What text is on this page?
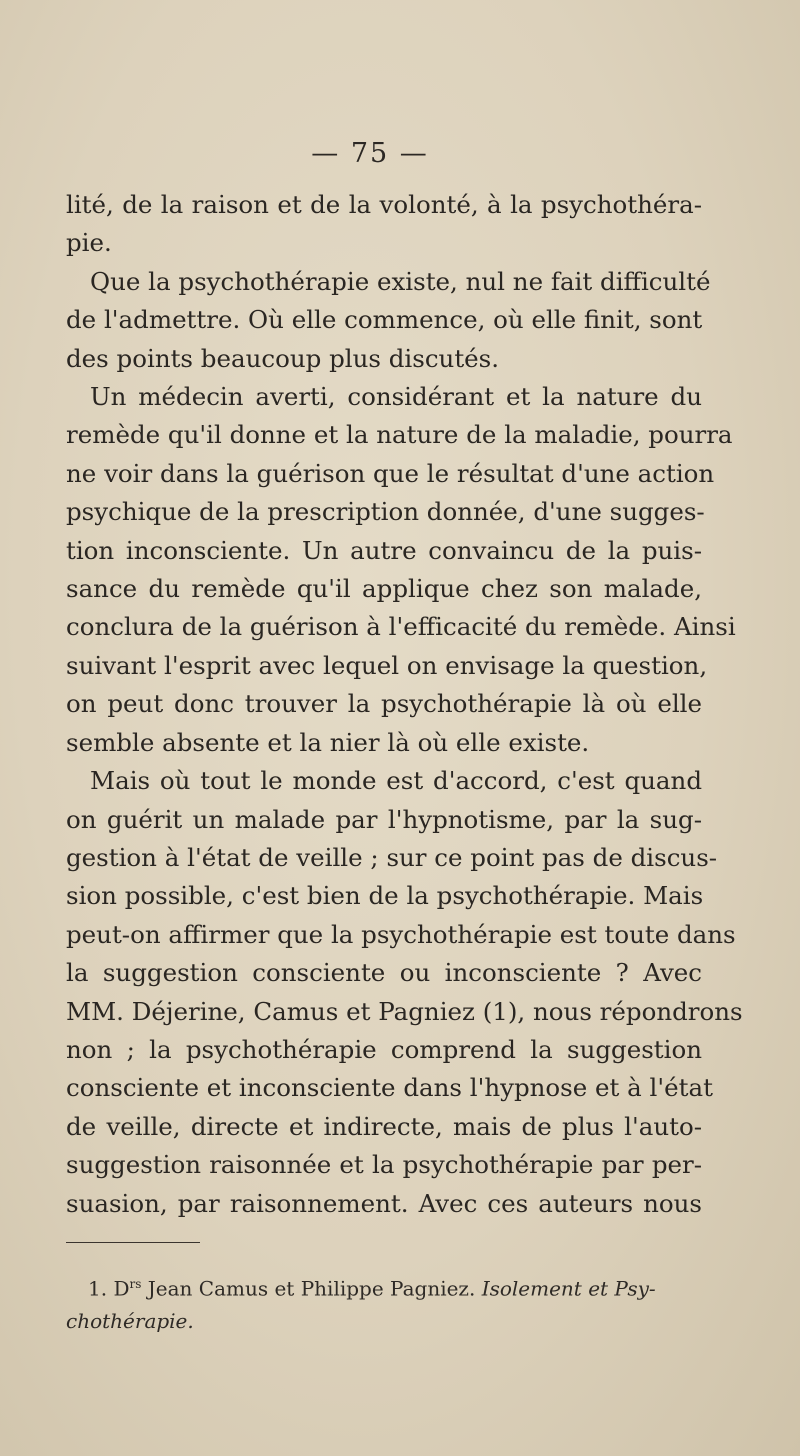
— 75 —
lité, de la raison et de la volonté, à la psychothéra-
pie.
Que la psychothérapie existe, nul ne fait difficulté
de l'admettre. Où elle commence, où elle finit, sont
des points beaucoup plus discutés.
Un médecin averti, considérant et la nature du
remède qu'il donne et la nature de la maladie, pourra
ne voir dans la guérison que le résultat d'une action
psychique de la prescription donnée, d'une sugges-
tion inconsciente. Un autre convaincu de la puis-
sance du remède qu'il applique chez son malade,
conclura de la guérison à l'efficacité du remède. Ainsi
suivant l'esprit avec lequel on envisage la question,
on peut donc trouver la psychothérapie là où elle
semble absente et la nier là où elle existe.
Mais où tout le monde est d'accord, c'est quand
on guérit un malade par l'hypnotisme, par la sug-
gestion à l'état de veille ; sur ce point pas de discus-
sion possible, c'est bien de la psychothérapie. Mais
peut-on affirmer que la psychothérapie est toute dans
la suggestion consciente ou inconsciente ? Avec
MM. Déjerine, Camus et Pagniez (1), nous répondrons
non ; la psychothérapie comprend la suggestion
consciente et inconsciente dans l'hypnose et à l'état
de veille, directe et indirecte, mais de plus l'auto-
suggestion raisonnée et la psychothérapie par per-
suasion, par raisonnement. Avec ces auteurs nous
1. $D^{rs}$ Jean Camus et Philippe Pagniez. Isolement et Psy-
chothérapie.
